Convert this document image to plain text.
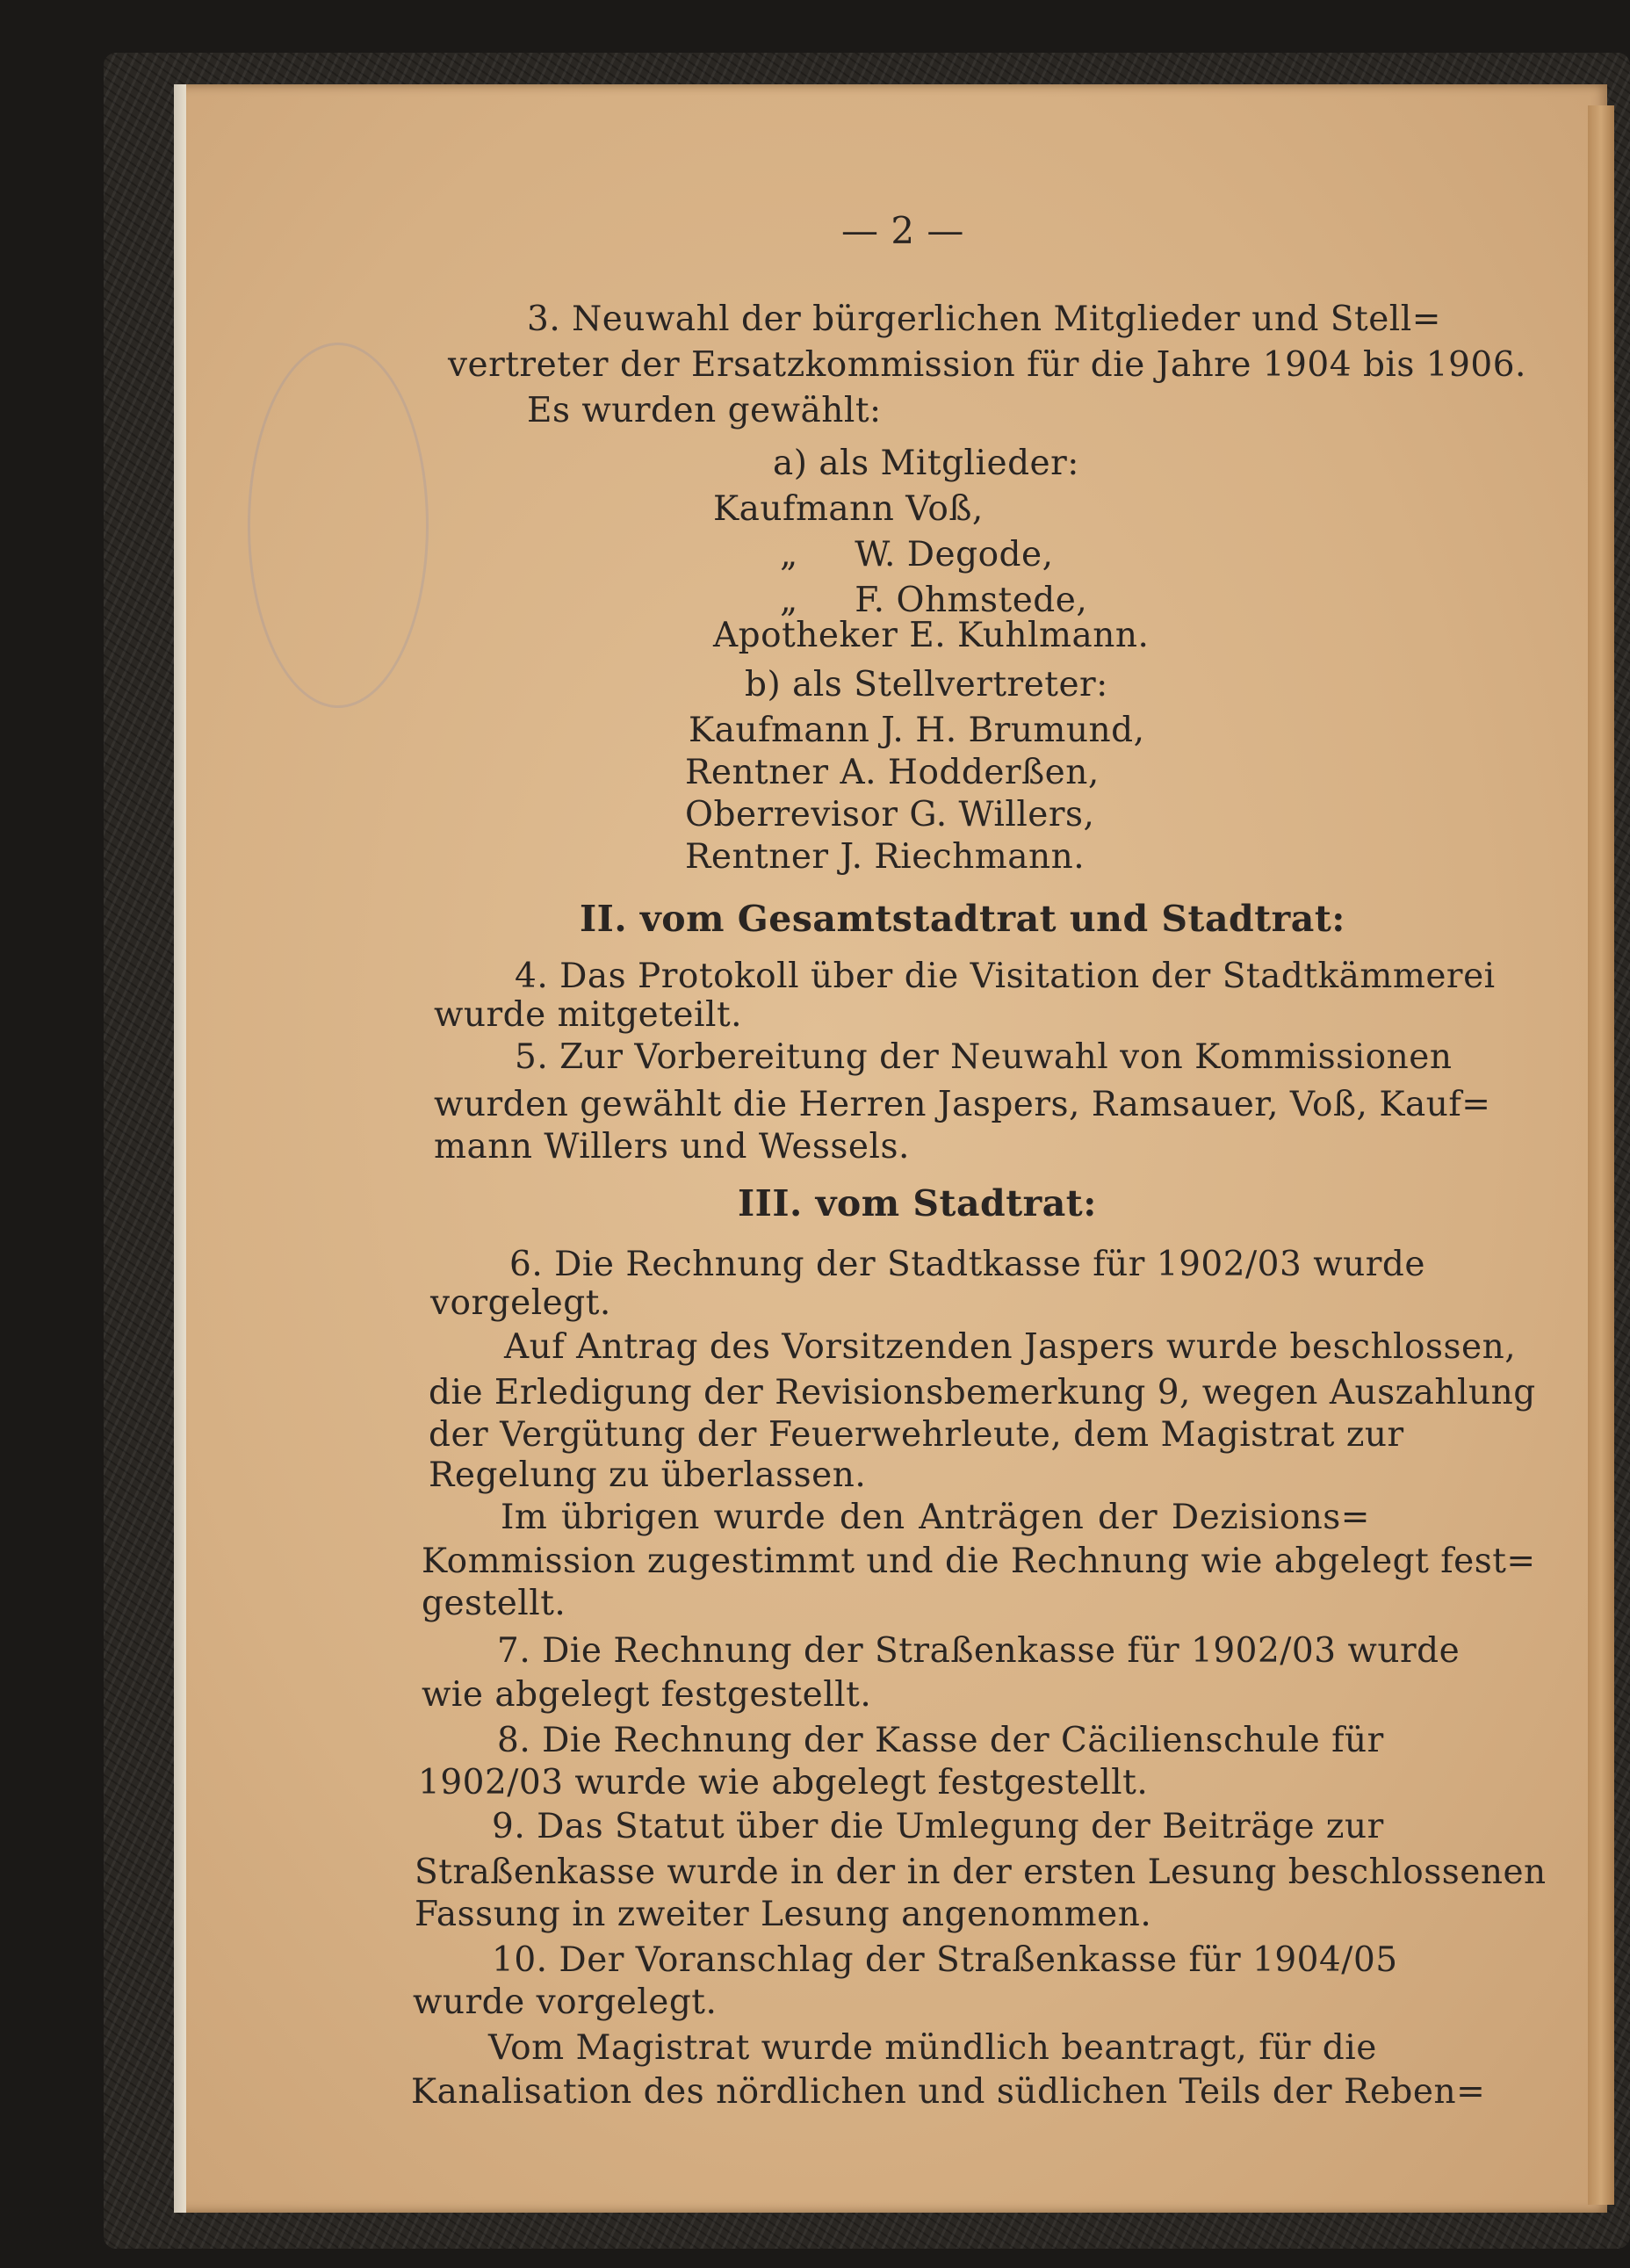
— 2 —

3. Neuwahl der bürgerlichen Mitglieder und Stell=

vertreter der Ersatzkommission für die Jahre 1904 bis 1906.

Es wurden gewählt:

a) als Mitglieder:

Kaufmann Voß,

„     W. Degode,

„     F. Ohmstede,

Apotheker E. Kuhlmann.

b) als Stellvertreter:

Kaufmann J. H. Brumund,

Rentner A. Hodderßen,

Oberrevisor G. Willers,

Rentner J. Riechmann.

II. vom Gesamtstadtrat und Stadtrat:

4. Das Protokoll über die Visitation der Stadtkämmerei

wurde mitgeteilt.

5. Zur Vorbereitung der Neuwahl von Kommissionen

wurden gewählt die Herren Jaspers, Ramsauer, Voß, Kauf=

mann Willers und Wessels.

III. vom Stadtrat:

6. Die Rechnung der Stadtkasse für 1902/03 wurde

vorgelegt.

Auf Antrag des Vorsitzenden Jaspers wurde beschlossen,

die Erledigung der Revisionsbemerkung 9, wegen Auszahlung

der Vergütung der Feuerwehrleute, dem Magistrat zur

Regelung zu überlassen.

Im übrigen wurde den Anträgen der Dezisions=

Kommission zugestimmt und die Rechnung wie abgelegt fest=

gestellt.

7. Die Rechnung der Straßenkasse für 1902/03 wurde

wie abgelegt festgestellt.

8. Die Rechnung der Kasse der Cäcilienschule für

1902/03 wurde wie abgelegt festgestellt.

9. Das Statut über die Umlegung der Beiträge zur

Straßenkasse wurde in der in der ersten Lesung beschlossenen

Fassung in zweiter Lesung angenommen.

10. Der Voranschlag der Straßenkasse für 1904/05

wurde vorgelegt.

Vom Magistrat wurde mündlich beantragt, für die

Kanalisation des nördlichen und südlichen Teils der Reben=
